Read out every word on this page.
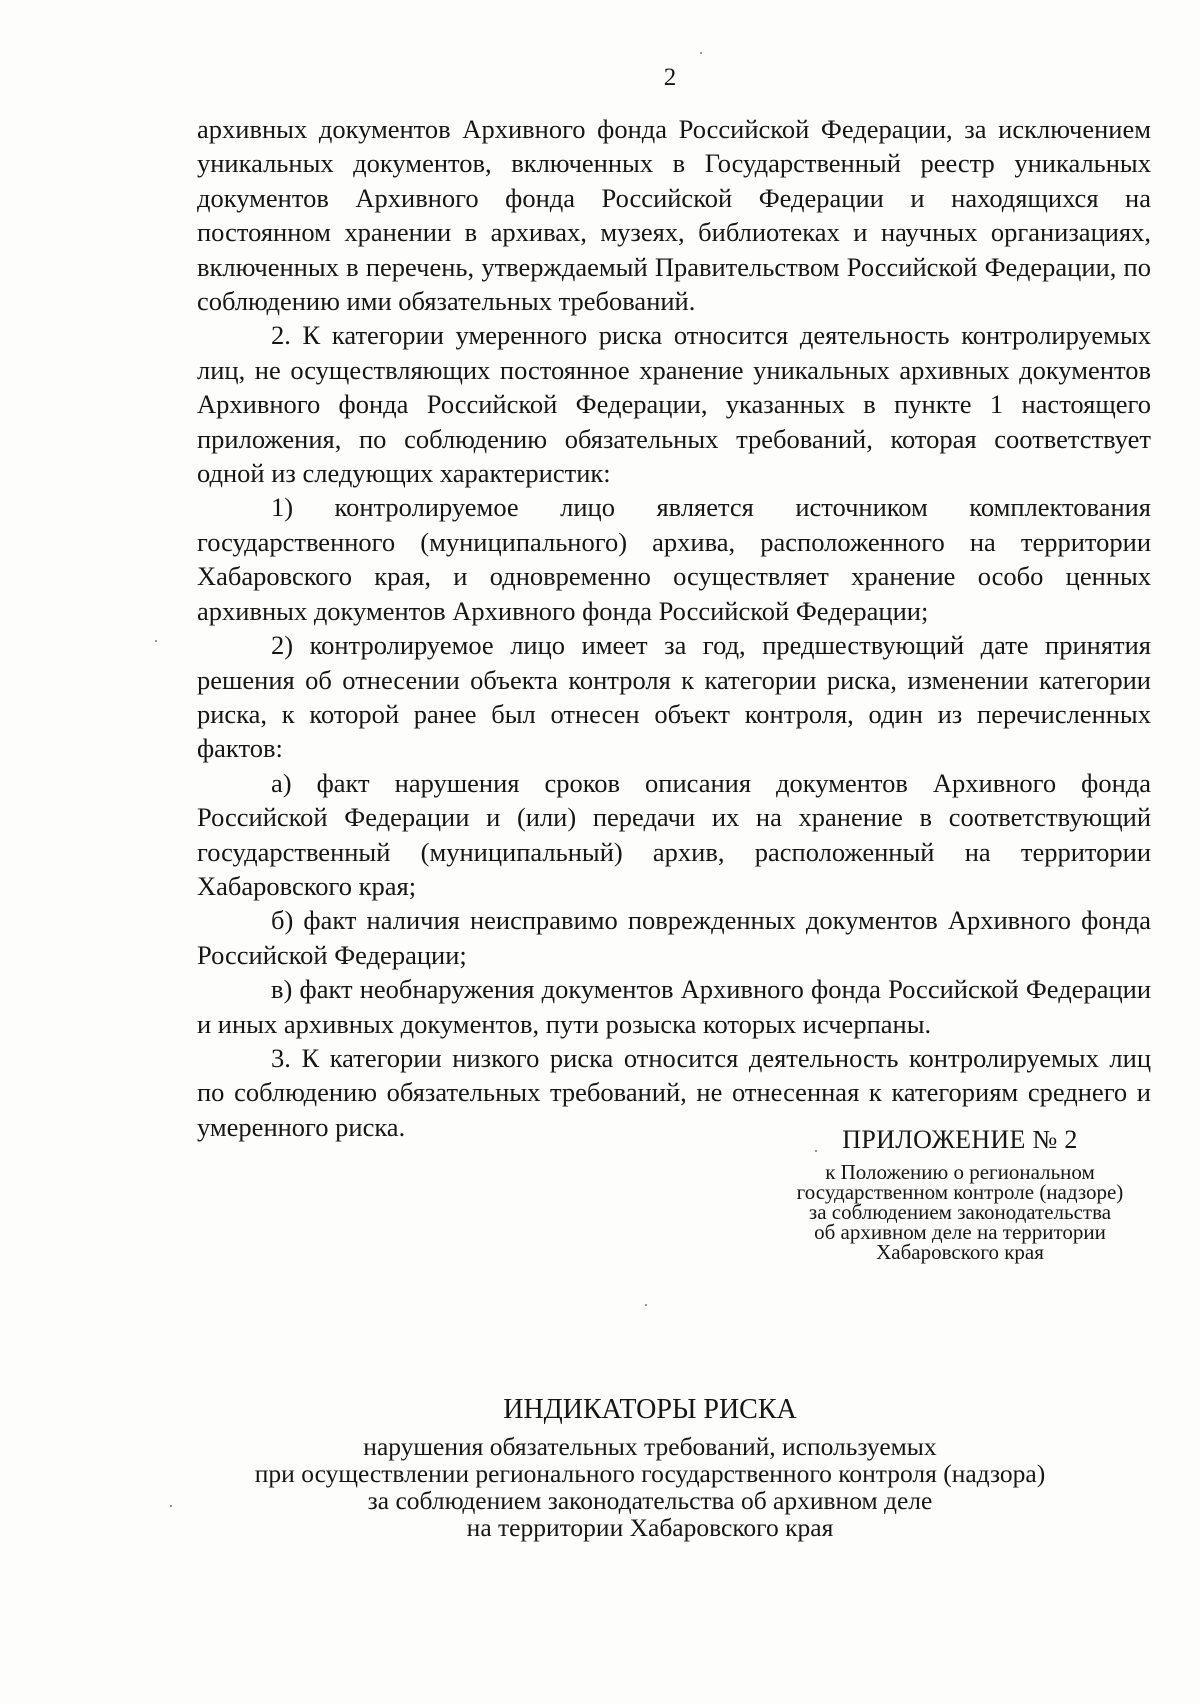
2

архивных документов Архивного фонда Российской Федерации, за исключением уникальных документов, включенных в Государственный реестр уникальных документов Архивного фонда Российской Федерации и находящихся на постоянном хранении в архивах, музеях, библиотеках и научных организациях, включенных в перечень, утверждаемый Правительством Российской Федерации, по соблюдению ими обязательных требований.

2. К категории умеренного риска относится деятельность контролируемых лиц, не осуществляющих постоянное хранение уникальных архивных документов Архивного фонда Российской Федерации, указанных в пункте 1 настоящего приложения, по соблюдению обязательных требований, которая соответствует одной из следующих характеристик:

1) контролируемое лицо является источником комплектования государственного (муниципального) архива, расположенного на территории Хабаровского края, и одновременно осуществляет хранение особо ценных архивных документов Архивного фонда Российской Федерации;

2) контролируемое лицо имеет за год, предшествующий дате принятия решения об отнесении объекта контроля к категории риска, изменении категории риска, к которой ранее был отнесен объект контроля, один из перечисленных фактов:

а) факт нарушения сроков описания документов Архивного фонда Российской Федерации и (или) передачи их на хранение в соответствующий государственный (муниципальный) архив, расположенный на территории Хабаровского края;

б) факт наличия неисправимо поврежденных документов Архивного фонда Российской Федерации;

в) факт необнаружения документов Архивного фонда Российской Федерации и иных архивных документов, пути розыска которых исчерпаны.

3. К категории низкого риска относится деятельность контролируемых лиц по соблюдению обязательных требований, не отнесенная к категориям среднего и умеренного риска.	ПРИЛОЖЕНИЕ № 2
к Положению о региональном
государственном контроле (надзоре)
за соблюдением законодательства
об архивном деле на территории
Хабаровского края
ИНДИКАТОРЫ РИСКА
нарушения обязательных требований, используемых
при осуществлении регионального государственного контроля (надзора)
за соблюдением законодательства об архивном деле
на территории Хабаровского края
